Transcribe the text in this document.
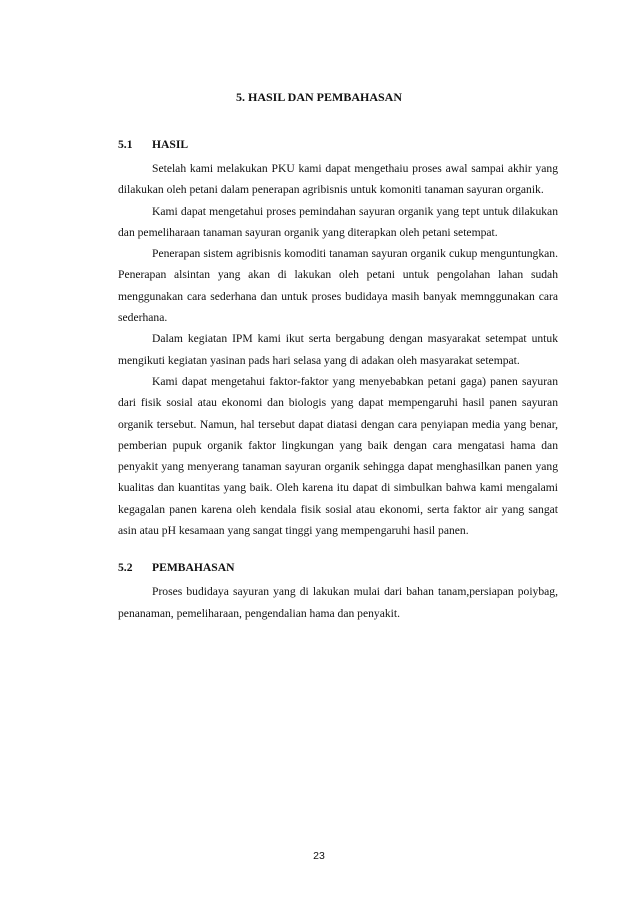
5. HASIL DAN PEMBAHASAN
5.1	HASIL

Setelah kami melakukan PKU kami dapat mengethaiu proses awal sampai akhir yang dilakukan oleh petani dalam penerapan agribisnis untuk komoniti tanaman sayuran organik.

Kami dapat mengetahui proses pemindahan sayuran organik yang tept untuk dilakukan dan pemeliharaan tanaman sayuran organik yang diterapkan oleh petani setempat.

Penerapan sistem agribisnis komoditi tanaman sayuran organik cukup menguntungkan. Penerapan alsintan yang akan di lakukan oleh petani untuk pengolahan lahan sudah menggunakan cara sederhana dan untuk proses budidaya masih banyak memnggunakan cara sederhana.

Dalam kegiatan IPM kami ikut serta bergabung dengan masyarakat setempat untuk mengikuti kegiatan yasinan pads hari selasa yang di adakan oleh masyarakat setempat.

Kami dapat mengetahui faktor-faktor yang menyebabkan petani gaga) panen sayuran dari fisik sosial atau ekonomi dan biologis yang dapat mempengaruhi hasil panen sayuran organik tersebut. Namun, hal tersebut dapat diatasi dengan cara penyiapan media yang benar, pemberian pupuk organik faktor lingkungan yang baik dengan cara mengatasi hama dan penyakit yang menyerang tanaman sayuran organik sehingga dapat menghasilkan panen yang kualitas dan kuantitas yang baik. Oleh karena itu dapat di simbulkan bahwa kami mengalami kegagalan panen karena oleh kendala fisik sosial atau ekonomi, serta faktor air yang sangat asin atau pH kesamaan yang sangat tinggi yang mempengaruhi hasil panen.

5.2	PEMBAHASAN

Proses budidaya sayuran yang di lakukan mulai dari bahan tanam,persiapan poiybag, penanaman, pemeliharaan, pengendalian hama dan penyakit.

23
